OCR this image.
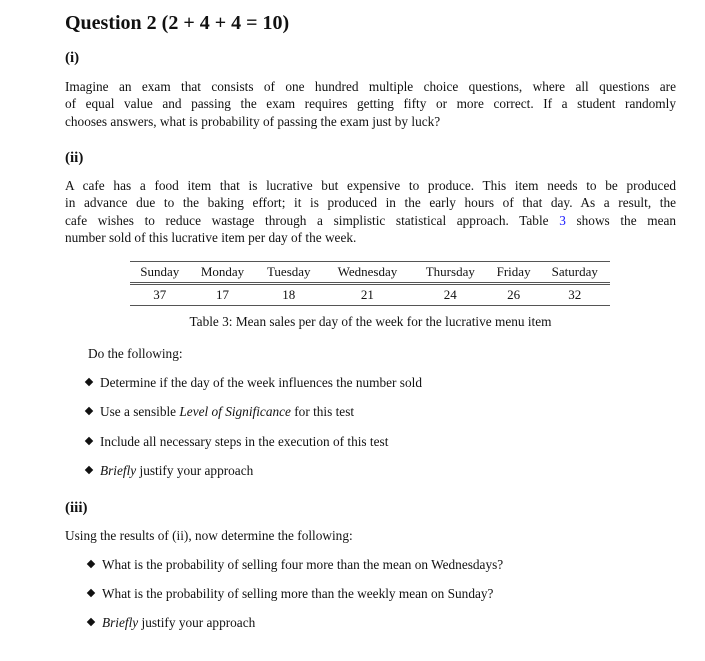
Question 2 (2 + 4 + 4 = 10)
(i)
Imagine an exam that consists of one hundred multiple choice questions, where all questions are
of equal value and passing the exam requires getting fifty or more correct. If a student randomly
chooses answers, what is probability of passing the exam just by luck?
(ii)
A cafe has a food item that is lucrative but expensive to produce. This item needs to be produced
in advance due to the baking effort; it is produced in the early hours of that day. As a result, the
cafe wishes to reduce wastage through a simplistic statistical approach. Table 3 shows the mean
number sold of this lucrative item per day of the week.
Sunday	Monday	Tuesday	Wednesday	Thursday	Friday	Saturday
37	17	18	21	24	26	32
Table 3: Mean sales per day of the week for the lucrative menu item
Do the following:
Determine if the day of the week influences the number sold
Use a sensible Level of Significance for this test
Include all necessary steps in the execution of this test
Briefly justify your approach
(iii)
Using the results of (ii), now determine the following:
What is the probability of selling four more than the mean on Wednesdays?
What is the probability of selling more than the weekly mean on Sunday?
Briefly justify your approach
